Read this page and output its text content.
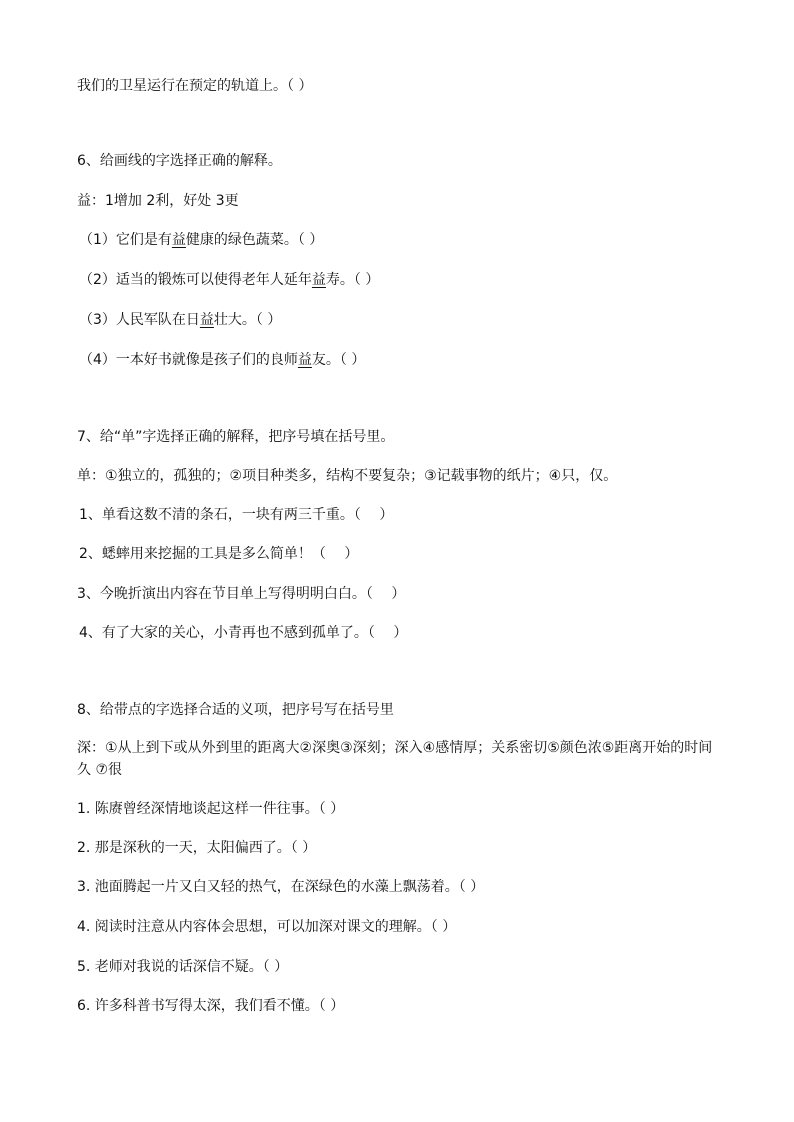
我们的卫星运行在预定的轨道上。（ ）
6、给画线的字选择正确的解释。
益：1增加 2利，好处 3更
（1）它们是有益健康的绿色蔬菜。（ ）
（2）适当的锻炼可以使得老年人延年益寿。（ ）
（3）人民军队在日益壮大。（ ）
（4）一本好书就像是孩子们的良师益友。（ ）
7、给“单”字选择正确的解释，把序号填在括号里。
单：①独立的，孤独的；②项目种类多，结构不要复杂；③记载事物的纸片；④只，仅。
1、单看这数不清的条石，一块有两三千重。（　 ）
2、蟋蟀用来挖掘的工具是多么简单！（　 ）
3、今晚折演出内容在节目单上写得明明白白。（　 ）
4、有了大家的关心，小青再也不感到孤单了。（　 ）
8、给带点的字选择合适的义项，把序号写在括号里
深：①从上到下或从外到里的距离大②深奥③深刻；深入④感情厚；关系密切⑤颜色浓⑤距离开始的时间久 ⑦很
1. 陈赓曾经深情地谈起这样一件往事。（ ）
2. 那是深秋的一天，太阳偏西了。（ ）
3. 池面腾起一片又白又轻的热气，在深绿色的水藻上飘荡着。（ ）
4. 阅读时注意从内容体会思想，可以加深对课文的理解。（ ）
5. 老师对我说的话深信不疑。（ ）
6. 许多科普书写得太深，我们看不懂。（ ）
